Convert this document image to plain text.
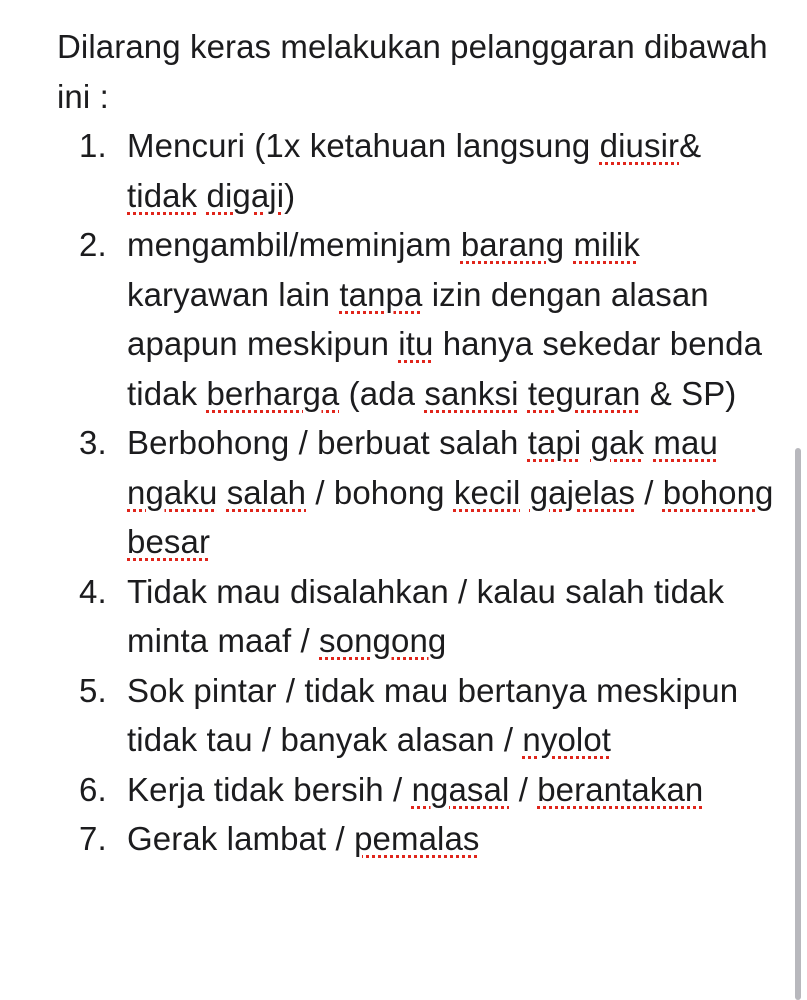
Dilarang keras melakukan pelanggaran dibawah ini :

1. Mencuri (1x ketahuan langsung diusir& tidak digaji)
2. mengambil/meminjam barang milik karyawan lain tanpa izin dengan alasan apapun meskipun itu hanya sekedar benda tidak berharga (ada sanksi teguran & SP)
3. Berbohong / berbuat salah tapi gak mau ngaku salah / bohong kecil gajelas / bohong besar
4. Tidak mau disalahkan / kalau salah tidak minta maaf / songong
5. Sok pintar / tidak mau bertanya meskipun tidak tau / banyak alasan / nyolot
6. Kerja tidak bersih / ngasal / berantakan
7. Gerak lambat / pemalas
